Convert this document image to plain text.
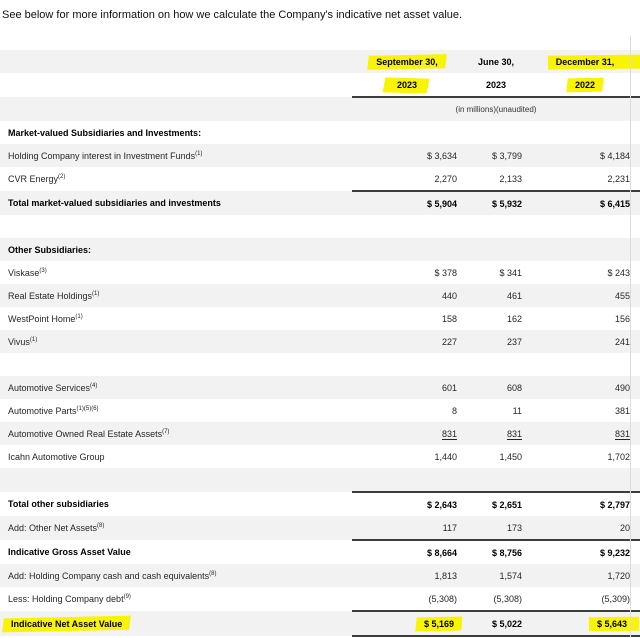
See below for more information on how we calculate the Company's indicative net asset value.

	September 30,	June 30,	December 31,
	2023	2023	2022
	(in millions)(unaudited)		
Market-valued Subsidiaries and Investments:			
Holding Company interest in Investment Funds$^{(1)}$	$ 3,634	$ 3,799	$ 4,184
CVR Energy$^{(2)}$	2,270	2,133	2,231
Total market-valued subsidiaries and investments	$ 5,904	$ 5,932	$ 6,415

Other Subsidiaries:			
Viskase$^{(3)}$	$ 378	$ 341	$ 243
Real Estate Holdings$^{(1)}$	440	461	455
WestPoint Home$^{(1)}$	158	162	156
Vivus$^{(1)}$	227	237	241

Automotive Services$^{(4)}$	601	608	490
Automotive Parts$^{(1)(5)(6)}$	8	11	381
Automotive Owned Real Estate Assets$^{(7)}$	831	831	831
Icahn Automotive Group	1,440	1,450	1,702

Total other subsidiaries	$ 2,643	$ 2,651	$ 2,797
Add: Other Net Assets$^{(8)}$	117	173	20
Indicative Gross Asset Value	$ 8,664	$ 8,756	$ 9,232
Add: Holding Company cash and cash equivalents$^{(8)}$	1,813	1,574	1,720
Less: Holding Company debt$^{(9)}$	(5,308)	(5,308)	(5,309)
Indicative Net Asset Value	$ 5,169	$ 5,022	$ 5,643
